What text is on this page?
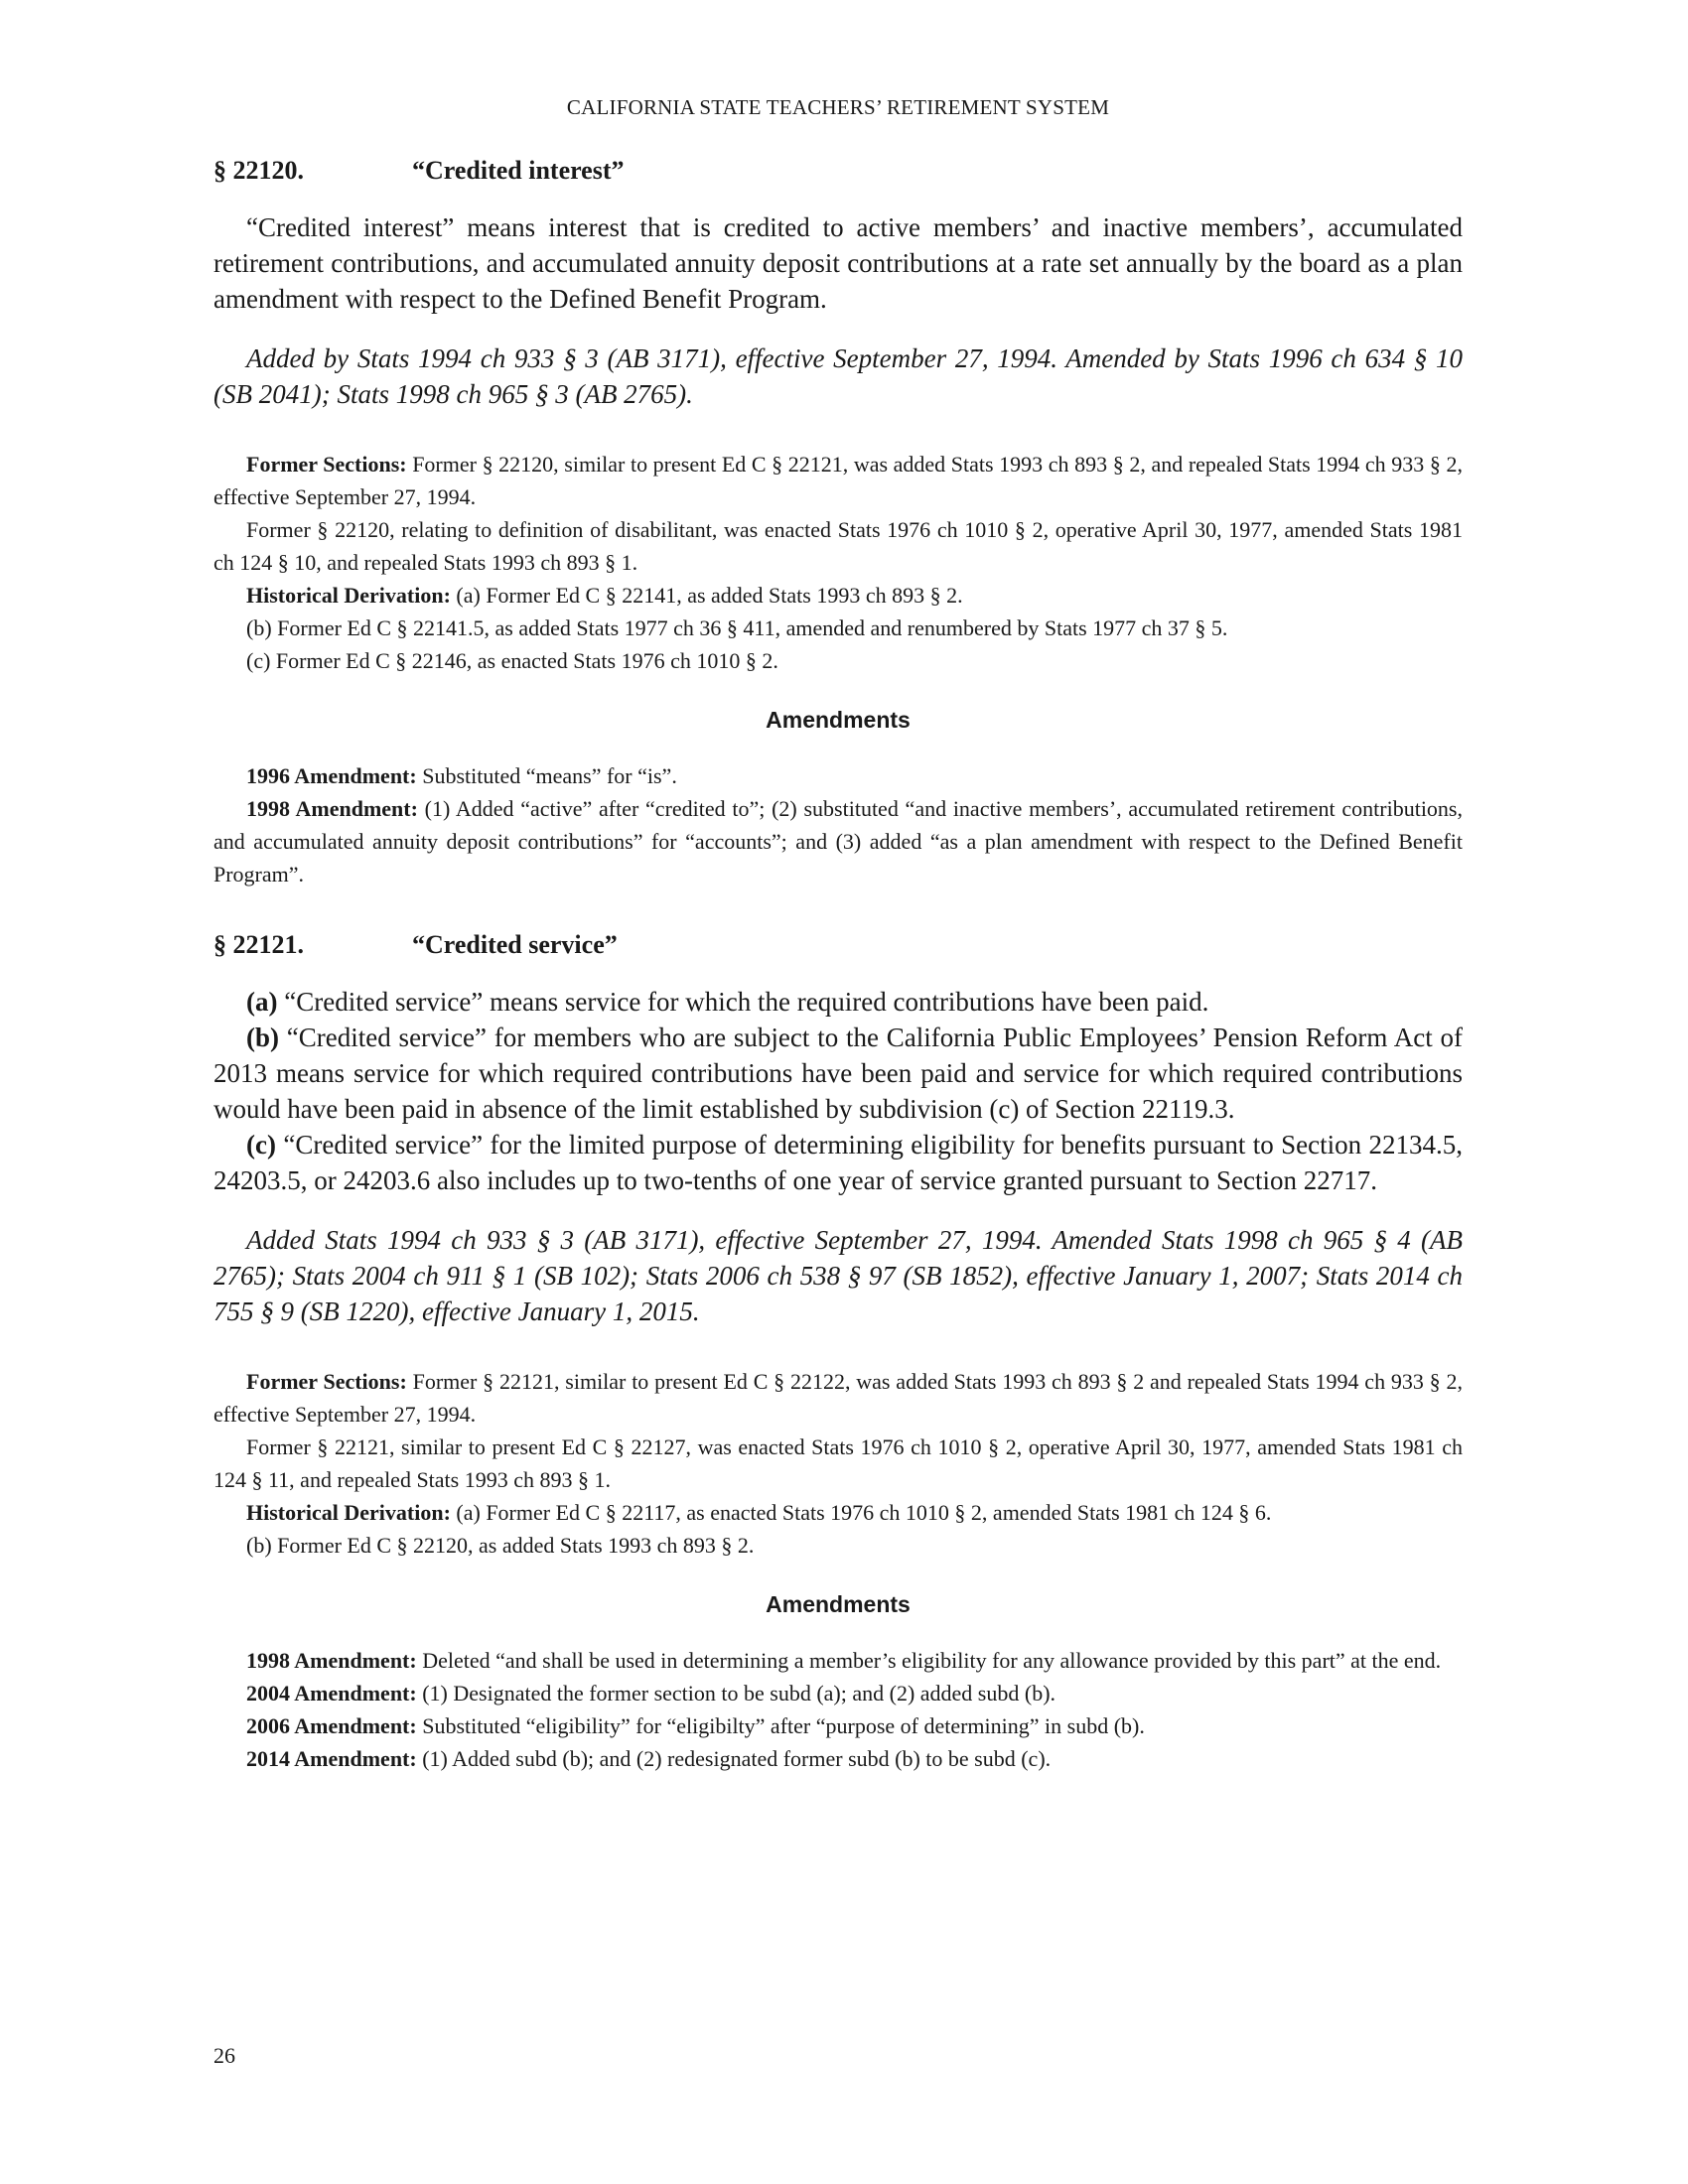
CALIFORNIA STATE TEACHERS’ RETIREMENT SYSTEM
§ 22120.	“Credited interest”

“Credited interest” means interest that is credited to active members’ and inactive members’, accumulated retirement contributions, and accumulated annuity deposit contributions at a rate set annually by the board as a plan amendment with respect to the Defined Benefit Program.

Added by Stats 1994 ch 933 § 3 (AB 3171), effective September 27, 1994. Amended by Stats 1996 ch 634 § 10 (SB 2041); Stats 1998 ch 965 § 3 (AB 2765).

Former Sections: Former § 22120, similar to present Ed C § 22121, was added Stats 1993 ch 893 § 2, and repealed Stats 1994 ch 933 § 2, effective September 27, 1994.

Former § 22120, relating to definition of disabilitant, was enacted Stats 1976 ch 1010 § 2, operative April 30, 1977, amended Stats 1981 ch 124 § 10, and repealed Stats 1993 ch 893 § 1.

Historical Derivation: (a) Former Ed C § 22141, as added Stats 1993 ch 893 § 2.

(b) Former Ed C § 22141.5, as added Stats 1977 ch 36 § 411, amended and renumbered by Stats 1977 ch 37 § 5.

(c) Former Ed C § 22146, as enacted Stats 1976 ch 1010 § 2.

Amendments

1996 Amendment: Substituted “means” for “is”.

1998 Amendment: (1) Added “active” after “credited to”; (2) substituted “and inactive members’, accumulated retirement contributions, and accumulated annuity deposit contributions” for “accounts”; and (3) added “as a plan amendment with respect to the Defined Benefit Program”.

§ 22121.	“Credited service”

(a) “Credited service” means service for which the required contributions have been paid.

(b) “Credited service” for members who are subject to the California Public Employees’ Pension Reform Act of 2013 means service for which required contributions have been paid and service for which required contributions would have been paid in absence of the limit established by subdivision (c) of Section 22119.3.

(c) “Credited service” for the limited purpose of determining eligibility for benefits pursuant to Section 22134.5, 24203.5, or 24203.6 also includes up to two-tenths of one year of service granted pursuant to Section 22717.

Added Stats 1994 ch 933 § 3 (AB 3171), effective September 27, 1994. Amended Stats 1998 ch 965 § 4 (AB 2765); Stats 2004 ch 911 § 1 (SB 102); Stats 2006 ch 538 § 97 (SB 1852), effective January 1, 2007; Stats 2014 ch 755 § 9 (SB 1220), effective January 1, 2015.

Former Sections: Former § 22121, similar to present Ed C § 22122, was added Stats 1993 ch 893 § 2 and repealed Stats 1994 ch 933 § 2, effective September 27, 1994.

Former § 22121, similar to present Ed C § 22127, was enacted Stats 1976 ch 1010 § 2, operative April 30, 1977, amended Stats 1981 ch 124 § 11, and repealed Stats 1993 ch 893 § 1.

Historical Derivation: (a) Former Ed C § 22117, as enacted Stats 1976 ch 1010 § 2, amended Stats 1981 ch 124 § 6.

(b) Former Ed C § 22120, as added Stats 1993 ch 893 § 2.

Amendments

1998 Amendment: Deleted “and shall be used in determining a member’s eligibility for any allowance provided by this part” at the end.

2004 Amendment: (1) Designated the former section to be subd (a); and (2) added subd (b).

2006 Amendment: Substituted “eligibility” for “eligibilty” after “purpose of determining” in subd (b).

2014 Amendment: (1) Added subd (b); and (2) redesignated former subd (b) to be subd (c).

26
